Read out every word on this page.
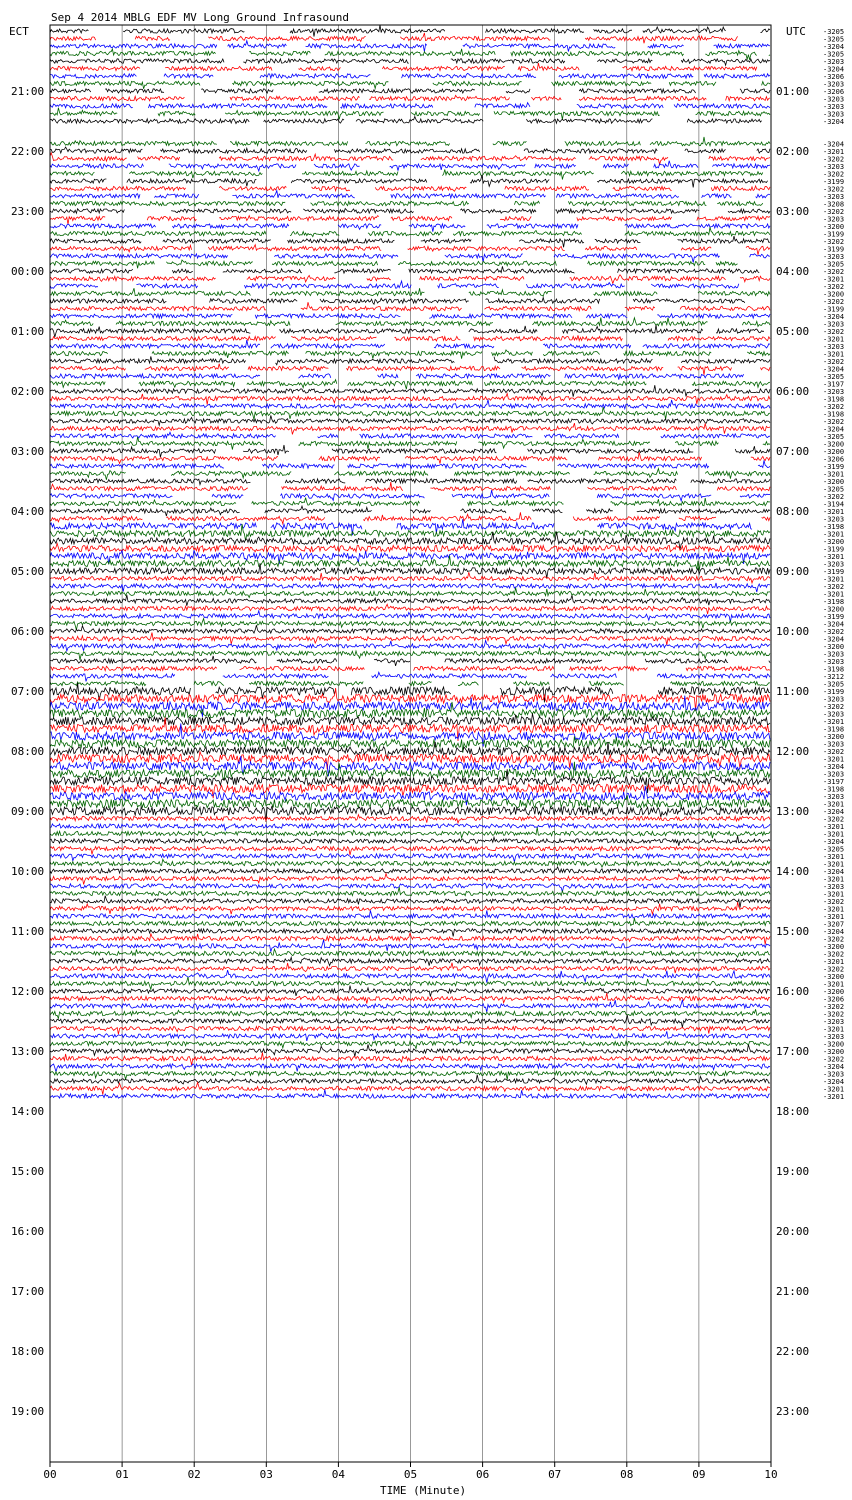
Sep 4 2014 MBLG EDF MV Long Ground Infrasound
ECT	UTC
21:00
22:00
23:00
00:00
01:00
02:00
03:00
04:00
05:00
06:00
07:00
08:00
09:00
10:00
11:00
12:00
13:00
14:00
15:00
16:00
17:00
18:00
19:00
01:00
02:00
03:00
04:00
05:00
06:00
07:00
08:00
09:00
10:00
11:00
12:00
13:00
14:00
15:00
16:00
17:00
18:00
19:00
20:00
21:00
22:00
23:00
-3205
-3205
-3204
-3205
-3203
-3204
-3206
-3203
-3206
-3203
-3203
-3203
-3204
-3204
-3201
-3202
-3203
-3202
-3199
-3202
-3203
-3208
-3202
-3203
-3200
-3199
-3202
-3199
-3203
-3205
-3202
-3201
-3202
-3200
-3202
-3199
-3204
-3203
-3202
-3201
-3203
-3201
-3202
-3204
-3205
-3197
-3203
-3198
-3202
-3198
-3202
-3204
-3205
-3200
-3200
-3206
-3199
-3201
-3200
-3205
-3202
-3194
-3201
-3203
-3198
-3201
-3200
-3199
-3201
-3203
-3199
-3201
-3202
-3201
-3198
-3200
-3199
-3204
-3202
-3204
-3200
-3203
-3203
-3198
-3212
-3205
-3199
-3203
-3202
-3203
-3201
-3198
-3200
-3203
-3202
-3201
-3204
-3203
-3197
-3198
-3203
-3201
-3204
-3202
-3201
-3201
-3204
-3205
-3201
-3201
-3204
-3201
-3203
-3201
-3202
-3201
-3201
-3207
-3204
-3202
-3200
-3202
-3201
-3202
-3200
-3201
-3200
-3206
-3202
-3202
-3203
-3201
-3203
-3200
-3200
-3202
-3204
-3203
-3204
-3201
-3201
00	01	02	03	04	05	06	07	08	09	10
TIME (Minute)
